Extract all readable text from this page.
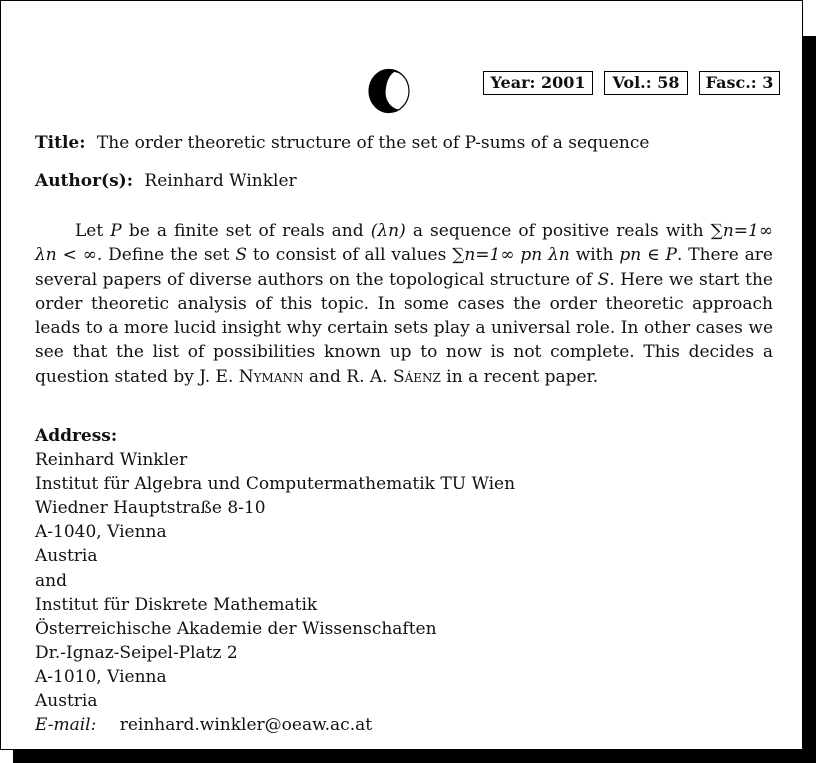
Year: 2001	Vol.: 58	Fasc.: 3
Title: The order theoretic structure of the set of P-sums of a sequence
Author(s): Reinhard Winkler
Let P be a finite set of reals and (λn) a sequence of positive reals with ∑n=1∞ λn < ∞. Define the set S to consist of all values ∑n=1∞ pn λn with pn ∈ P. There are several papers of diverse authors on the topological structure of S. Here we start the order theoretic analysis of this topic. In some cases the order theoretic approach leads to a more lucid insight why certain sets play a universal role. In other cases we see that the list of possibilities known up to now is not complete. This decides a question stated by J. E. Nymann and R. A. Sáenz in a recent paper.
Address:
Reinhard Winkler
Institut für Algebra und Computermathematik TU Wien
Wiedner Hauptstraße 8-10
A-1040, Vienna
Austria
and
Institut für Diskrete Mathematik
Österreichische Akademie der Wissenschaften
Dr.-Ignaz-Seipel-Platz 2
A-1010, Vienna
Austria
E-mail: reinhard.winkler@oeaw.ac.at
